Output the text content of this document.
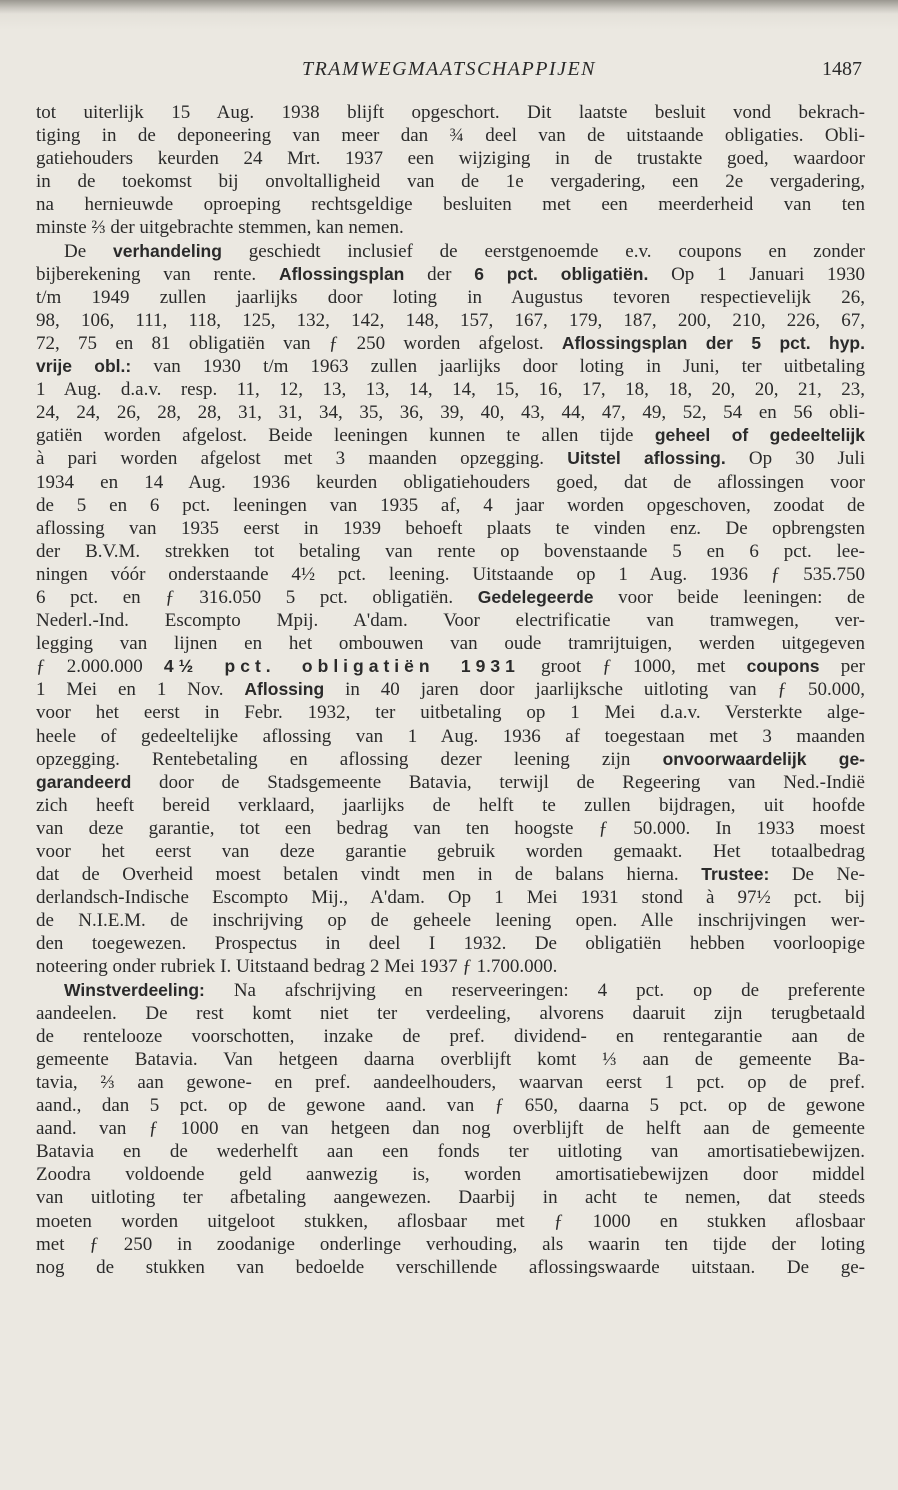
TRAMWEGMAATSCHAPPIJEN	1487
tot uiterlijk 15 Aug. 1938 blijft opgeschort. Dit laatste besluit vond bekrach-
tiging in de deponeering van meer dan ¾ deel van de uitstaande obligaties. Obli-
gatiehouders keurden 24 Mrt. 1937 een wijziging in de trustakte goed, waardoor
in de toekomst bij onvoltalligheid van de 1e vergadering, een 2e vergadering,
na hernieuwde oproeping rechtsgeldige besluiten met een meerderheid van ten
minste ⅔ der uitgebrachte stemmen, kan nemen.
De verhandeling geschiedt inclusief de eerstgenoemde e.v. coupons en zonder
bijberekening van rente. Aflossingsplan der 6 pct. obligatiën. Op 1 Januari 1930
t/m 1949 zullen jaarlijks door loting in Augustus tevoren respectievelijk 26,
98, 106, 111, 118, 125, 132, 142, 148, 157, 167, 179, 187, 200, 210, 226, 67,
72, 75 en 81 obligatiën van ƒ 250 worden afgelost. Aflossingsplan der 5 pct. hyp.
vrije obl.: van 1930 t/m 1963 zullen jaarlijks door loting in Juni, ter uitbetaling
1 Aug. d.a.v. resp. 11, 12, 13, 13, 14, 14, 15, 16, 17, 18, 18, 20, 20, 21, 23,
24, 24, 26, 28, 28, 31, 31, 34, 35, 36, 39, 40, 43, 44, 47, 49, 52, 54 en 56 obli-
gatiën worden afgelost. Beide leeningen kunnen te allen tijde geheel of gedeeltelijk
à pari worden afgelost met 3 maanden opzegging. Uitstel aflossing. Op 30 Juli
1934 en 14 Aug. 1936 keurden obligatiehouders goed, dat de aflossingen voor
de 5 en 6 pct. leeningen van 1935 af, 4 jaar worden opgeschoven, zoodat de
aflossing van 1935 eerst in 1939 behoeft plaats te vinden enz. De opbrengsten
der B.V.M. strekken tot betaling van rente op bovenstaande 5 en 6 pct. lee-
ningen vóór onderstaande 4½ pct. leening. Uitstaande op 1 Aug. 1936 ƒ 535.750
6 pct. en ƒ 316.050 5 pct. obligatiën. Gedelegeerde voor beide leeningen: de
Nederl.-Ind. Escompto Mpij. A'dam. Voor electrificatie van tramwegen, ver-
legging van lijnen en het ombouwen van oude tramrijtuigen, werden uitgegeven
ƒ 2.000.000 4½ pct. obligatiën 1931 groot ƒ 1000, met coupons per
1 Mei en 1 Nov. Aflossing in 40 jaren door jaarlijksche uitloting van ƒ 50.000,
voor het eerst in Febr. 1932, ter uitbetaling op 1 Mei d.a.v. Versterkte alge-
heele of gedeeltelijke aflossing van 1 Aug. 1936 af toegestaan met 3 maanden
opzegging. Rentebetaling en aflossing dezer leening zijn onvoorwaardelijk ge-
garandeerd door de Stadsgemeente Batavia, terwijl de Regeering van Ned.-Indië
zich heeft bereid verklaard, jaarlijks de helft te zullen bijdragen, uit hoofde
van deze garantie, tot een bedrag van ten hoogste ƒ 50.000. In 1933 moest
voor het eerst van deze garantie gebruik worden gemaakt. Het totaalbedrag
dat de Overheid moest betalen vindt men in de balans hierna. Trustee: De Ne-
derlandsch-Indische Escompto Mij., A'dam. Op 1 Mei 1931 stond à 97½ pct. bij
de N.I.E.M. de inschrijving op de geheele leening open. Alle inschrijvingen wer-
den toegewezen. Prospectus in deel I 1932. De obligatiën hebben voorloopige
noteering onder rubriek I. Uitstaand bedrag 2 Mei 1937 ƒ 1.700.000.
Winstverdeeling: Na afschrijving en reserveeringen: 4 pct. op de preferente
aandeelen. De rest komt niet ter verdeeling, alvorens daaruit zijn terugbetaald
de rentelooze voorschotten, inzake de pref. dividend- en rentegarantie aan de
gemeente Batavia. Van hetgeen daarna overblijft komt ⅓ aan de gemeente Ba-
tavia, ⅔ aan gewone- en pref. aandeelhouders, waarvan eerst 1 pct. op de pref.
aand., dan 5 pct. op de gewone aand. van ƒ 650, daarna 5 pct. op de gewone
aand. van ƒ 1000 en van hetgeen dan nog overblijft de helft aan de gemeente
Batavia en de wederhelft aan een fonds ter uitloting van amortisatiebewijzen.
Zoodra voldoende geld aanwezig is, worden amortisatiebewijzen door middel
van uitloting ter afbetaling aangewezen. Daarbij in acht te nemen, dat steeds
moeten worden uitgeloot stukken, aflosbaar met ƒ 1000 en stukken aflosbaar
met ƒ 250 in zoodanige onderlinge verhouding, als waarin ten tijde der loting
nog de stukken van bedoelde verschillende aflossingswaarde uitstaan. De ge-
